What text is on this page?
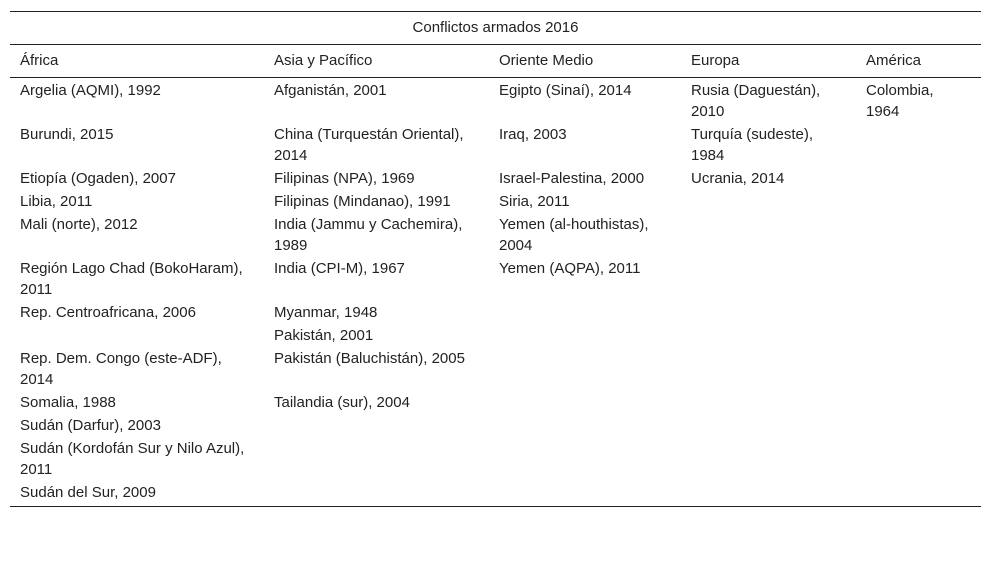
Conflictos armados 2016				
África	Asia y Pacífico	Oriente Medio	Europa	América
Argelia (AQMI), 1992	Afganistán, 2001	Egipto (Sinaí), 2014	Rusia (Daguestán), 2010	Colombia, 1964
Burundi, 2015	China (Turquestán Oriental), 2014	Iraq, 2003	Turquía (sudeste), 1984	
Etiopía (Ogaden), 2007	Filipinas (NPA), 1969	Israel-Palestina, 2000	Ucrania, 2014	
Libia, 2011	Filipinas (Mindanao), 1991	Siria, 2011		
Mali (norte), 2012	India (Jammu y Cachemira), 1989	Yemen (al-houthistas), 2004		
Región Lago Chad (BokoHaram), 2011	India (CPI-M), 1967	Yemen (AQPA), 2011		
Rep. Centroafricana, 2006	Myanmar, 1948			
	Pakistán, 2001			
Rep. Dem. Congo (este-ADF), 2014	Pakistán (Baluchistán), 2005			
Somalia, 1988	Tailandia (sur), 2004			
Sudán (Darfur), 2003				
Sudán (Kordofán Sur y Nilo Azul), 2011				
Sudán del Sur, 2009				
